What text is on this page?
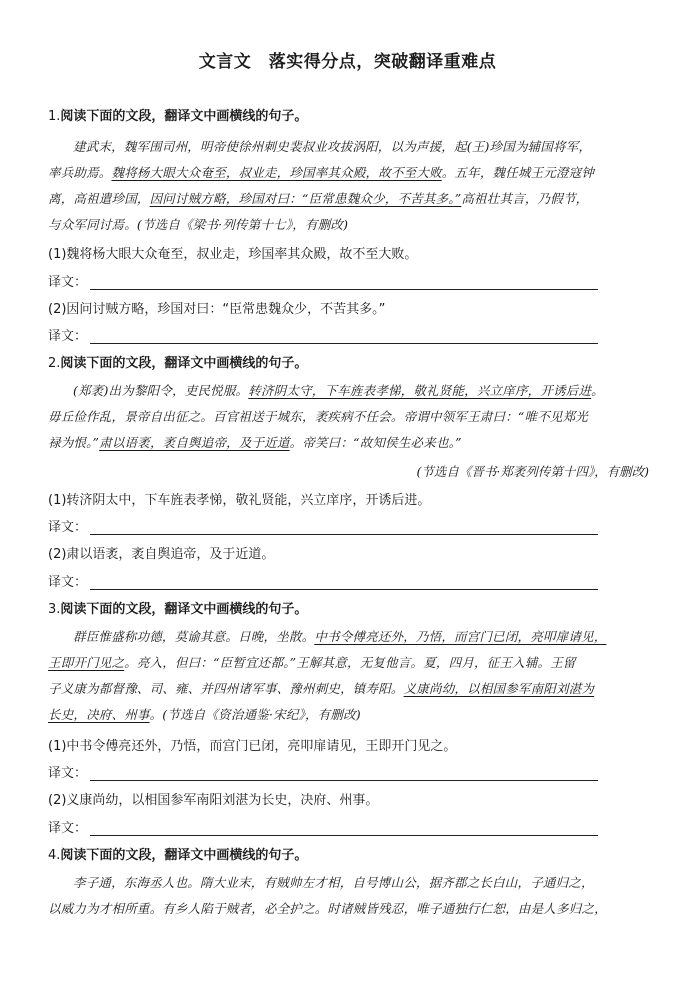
文言文　落实得分点，突破翻译重难点
1.阅读下面的文段，翻译文中画横线的句子。
建武末，魏军围司州，明帝使徐州刺史裴叔业攻拔涡阳，以为声援，起(王)珍国为辅国将军，
率兵助焉。魏将杨大眼大众奄至，叔业走，珍国率其众殿，故不至大败。五年，魏任城王元澄寇钟
离，高祖遣珍国，因问讨贼方略，珍国对曰：“臣常患魏众少，不苦其多。”高祖壮其言，乃假节，
与众军同讨焉。(节选自《梁书·列传第十七》，有删改)
(1)魏将杨大眼大众奄至，叔业走，珍国率其众殿，故不至大败。
译文：
(2)因问讨贼方略，珍国对曰：“臣常患魏众少，不苦其多。”
译文：
2.阅读下面的文段，翻译文中画横线的句子。
(郑袤)出为黎阳令，吏民悦服。转济阴太守，下车旌表孝悌，敬礼贤能，兴立庠序，开诱后进。
毋丘俭作乱，景帝自出征之。百官祖送于城东，袤疾病不任会。帝谓中领军王肃曰：“唯不见郑光
禄为恨。”肃以语袤，袤自舆追帝，及于近道。帝笑曰：“故知侯生必来也。”
(节选自《晋书·郑袤列传第十四》，有删改)
(1)转济阴太中，下车旌表孝悌，敬礼贤能，兴立庠序，开诱后进。
译文：
(2)肃以语袤，袤自舆追帝，及于近道。
译文：
3.阅读下面的文段，翻译文中画横线的句子。
群臣惟盛称功德，莫谕其意。日晚，坐散。中书令傅亮还外，乃悟，而宫门已闭，亮叩扉请见，
王即开门见之。亮入，但曰：“臣暂宜还都。”王解其意，无复他言。夏，四月，征王入辅。王留
子义康为都督豫、司、雍、并四州诸军事、豫州刺史，镇寿阳。义康尚幼，以相国参军南阳刘湛为
长史，决府、州事。(节选自《资治通鉴·宋纪》，有删改)
(1)中书令傅亮还外，乃悟，而宫门已闭，亮叩扉请见，王即开门见之。
译文：
(2)义康尚幼，以相国参军南阳刘湛为长史，决府、州事。
译文：
4.阅读下面的文段，翻译文中画横线的句子。
李子通，东海丞人也。隋大业末，有贼帅左才相，自号博山公，据齐郡之长白山，子通归之，
以威力为才相所重。有乡人陷于贼者，必全护之。时诸贼皆残忍，唯子通独行仁恕，由是人多归之，
